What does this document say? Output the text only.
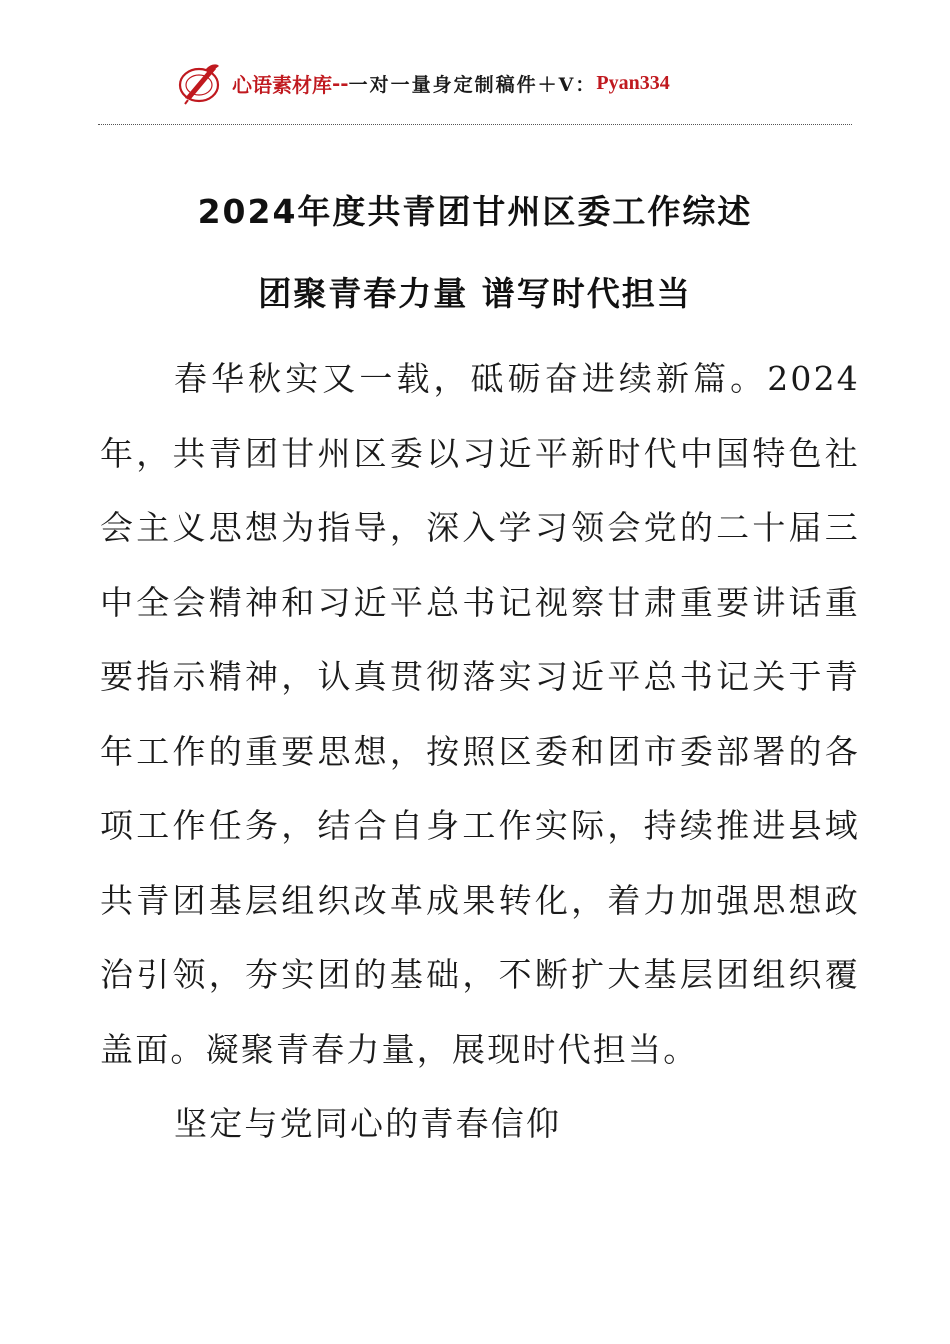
心语素材库 -- 一对一量身定制稿件＋V： Pyan334
2024年度共青团甘州区委工作综述
团聚青春力量 谱写时代担当

春华秋实又一载，砥砺奋进续新篇。2024年，共青团甘州区委以习近平新时代中国特色社会主义思想为指导，深入学习领会党的二十届三中全会精神和习近平总书记视察甘肃重要讲话重要指示精神，认真贯彻落实习近平总书记关于青年工作的重要思想，按照区委和团市委部署的各项工作任务，结合自身工作实际，持续推进县域共青团基层组织改革成果转化，着力加强思想政治引领，夯实团的基础，不断扩大基层团组织覆盖面。凝聚青春力量，展现时代担当。

坚定与党同心的青春信仰
